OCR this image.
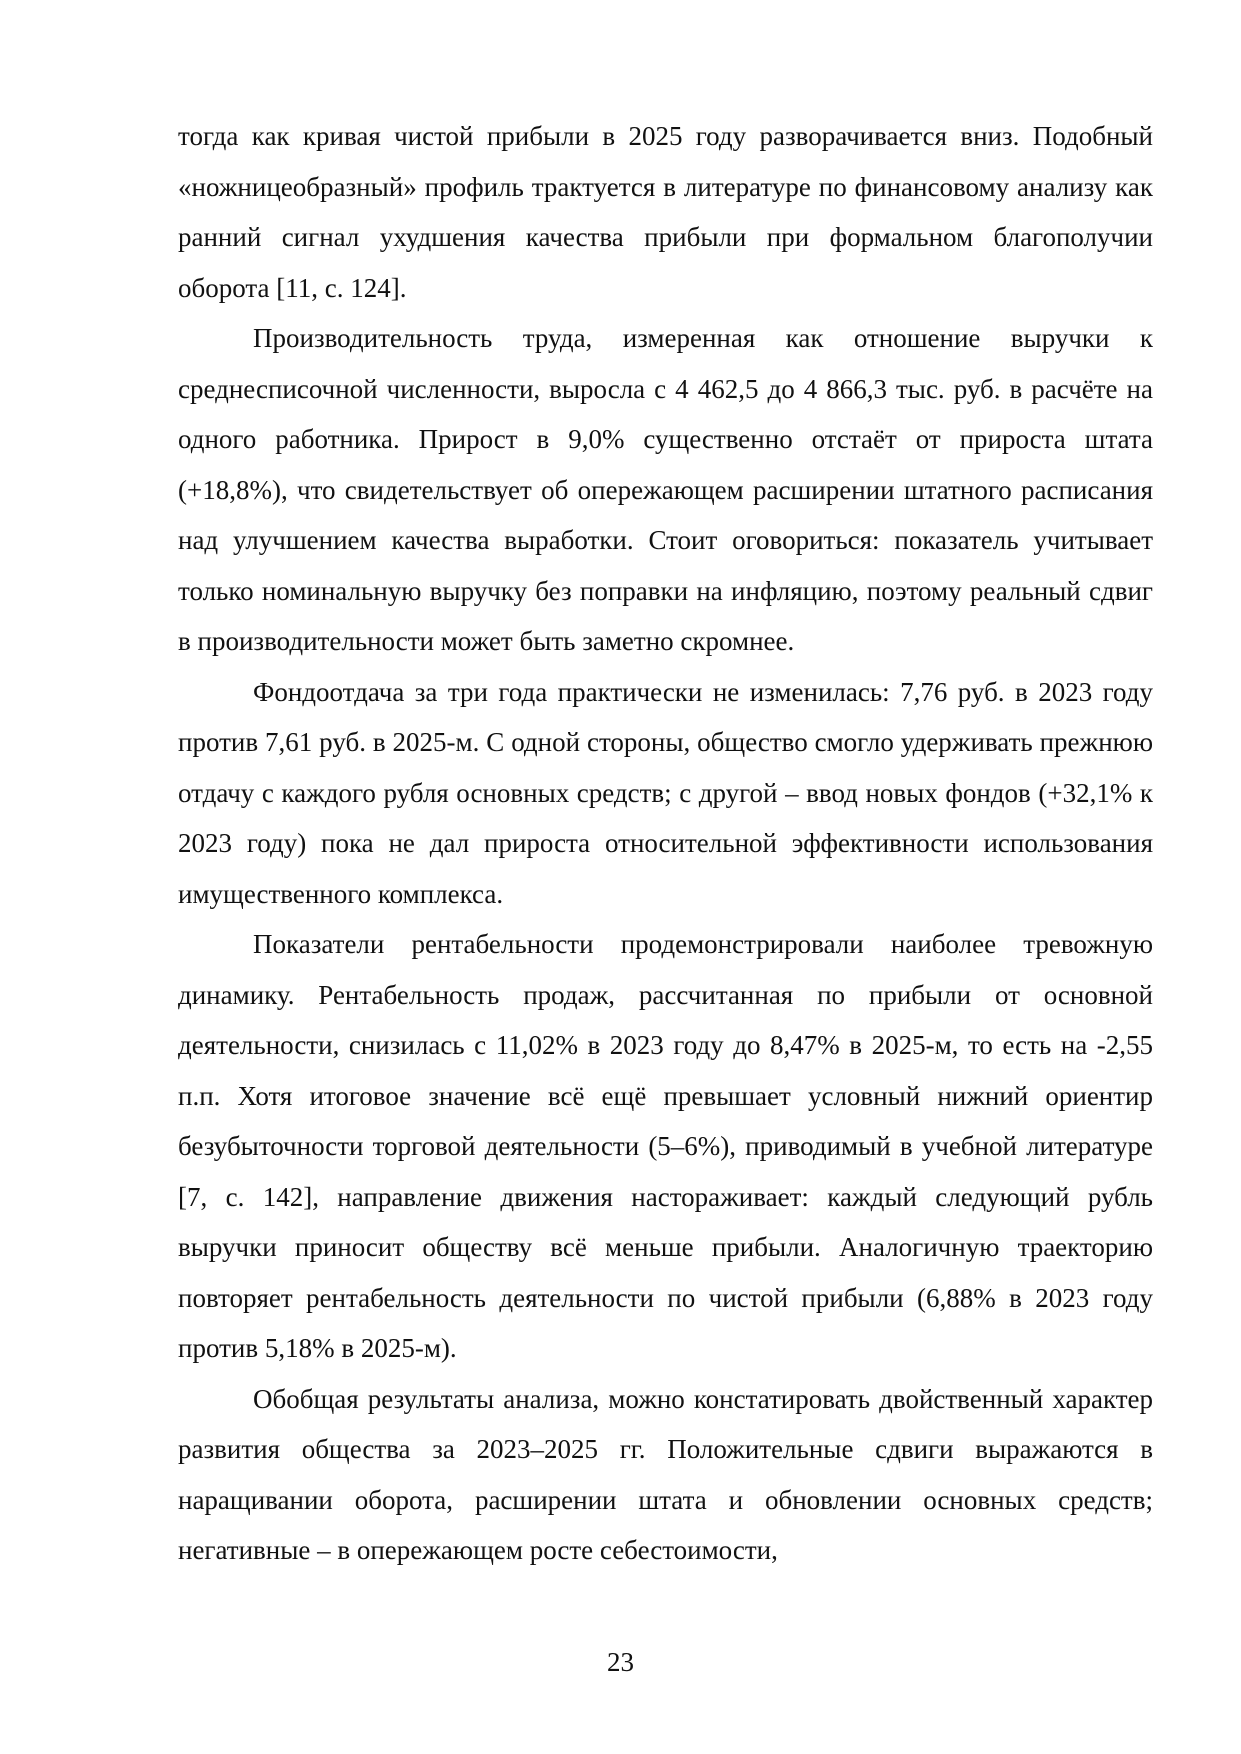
тогда как кривая чистой прибыли в 2025 году разворачивается вниз. Подобный «ножницеобразный» профиль трактуется в литературе по финансовому анализу как ранний сигнал ухудшения качества прибыли при формальном благополучии оборота [11, с. 124].

Производительность труда, измеренная как отношение выручки к среднесписочной численности, выросла с 4 462,5 до 4 866,3 тыс. руб. в расчёте на одного работника. Прирост в 9,0% существенно отстаёт от прироста штата (+18,8%), что свидетельствует об опережающем расширении штатного расписания над улучшением качества выработки. Стоит оговориться: показатель учитывает только номинальную выручку без поправки на инфляцию, поэтому реальный сдвиг в производительности может быть заметно скромнее.

Фондоотдача за три года практически не изменилась: 7,76 руб. в 2023 году против 7,61 руб. в 2025-м. С одной стороны, общество смогло удерживать прежнюю отдачу с каждого рубля основных средств; с другой – ввод новых фондов (+32,1% к 2023 году) пока не дал прироста относительной эффективности использования имущественного комплекса.

Показатели рентабельности продемонстрировали наиболее тревожную динамику. Рентабельность продаж, рассчитанная по прибыли от основной деятельности, снизилась с 11,02% в 2023 году до 8,47% в 2025-м, то есть на -2,55 п.п. Хотя итоговое значение всё ещё превышает условный нижний ориентир безубыточности торговой деятельности (5–6%), приводимый в учебной литературе [7, с. 142], направление движения настораживает: каждый следующий рубль выручки приносит обществу всё меньше прибыли. Аналогичную траекторию повторяет рентабельность деятельности по чистой прибыли (6,88% в 2023 году против 5,18% в 2025-м).

Обобщая результаты анализа, можно констатировать двойственный характер развития общества за 2023–2025 гг. Положительные сдвиги выражаются в наращивании оборота, расширении штата и обновлении основных средств; негативные – в опережающем росте себестоимости,

23
